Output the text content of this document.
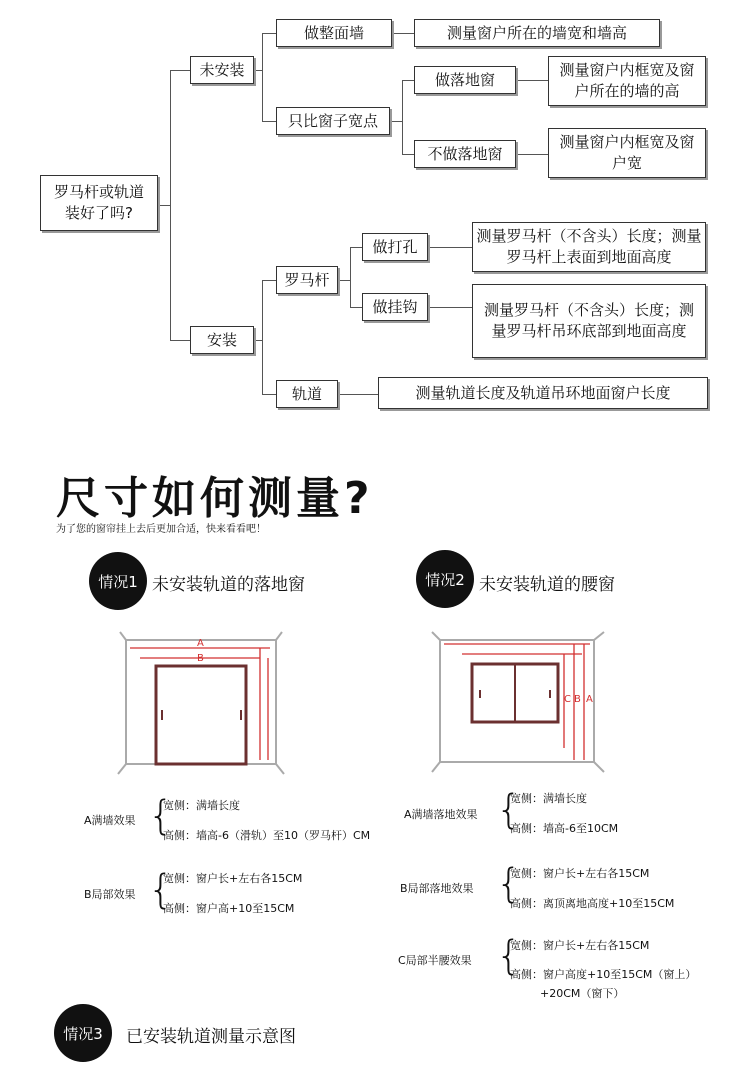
罗马杆或轨道装好了吗?
未安装
安装
做整面墙	测量窗户所在的墙宽和墙高
只比窗子宽点
做落地窗
测量窗户内框宽及窗户所在的墙的高
不做落地窗
测量窗户内框宽及窗户宽
罗马杆
做打孔
测量罗马杆（不含头）长度；测量罗马杆上表面到地面高度
做挂钩	测量罗马杆（不含头）长度；测量罗马杆吊环底部到地面高度
轨道	测量轨道长度及轨道吊环地面窗户长度
尺寸如何测量?
为了您的窗帘挂上去后更加合适，快来看看吧！
情况1 未安装轨道的落地窗
A
B
A满墙效果 {
宽侧：满墙长度
高侧：墙高-6（滑轨）至10（罗马杆）CM
B局部效果 {
宽侧：窗户长+左右各15CM
高侧：窗户高+10至15CM
情况2 未安装轨道的腰窗
C B A
A满墙落地效果 {
宽侧：满墙长度
高侧：墙高-6至10CM
B局部落地效果 {
宽侧：窗户长+左右各15CM
高侧：离顶离地高度+10至15CM
C局部半腰效果 {
宽侧：窗户长+左右各15CM
高侧：窗户高度+10至15CM（窗上）
+20CM（窗下）
情况3	已安装轨道测量示意图
